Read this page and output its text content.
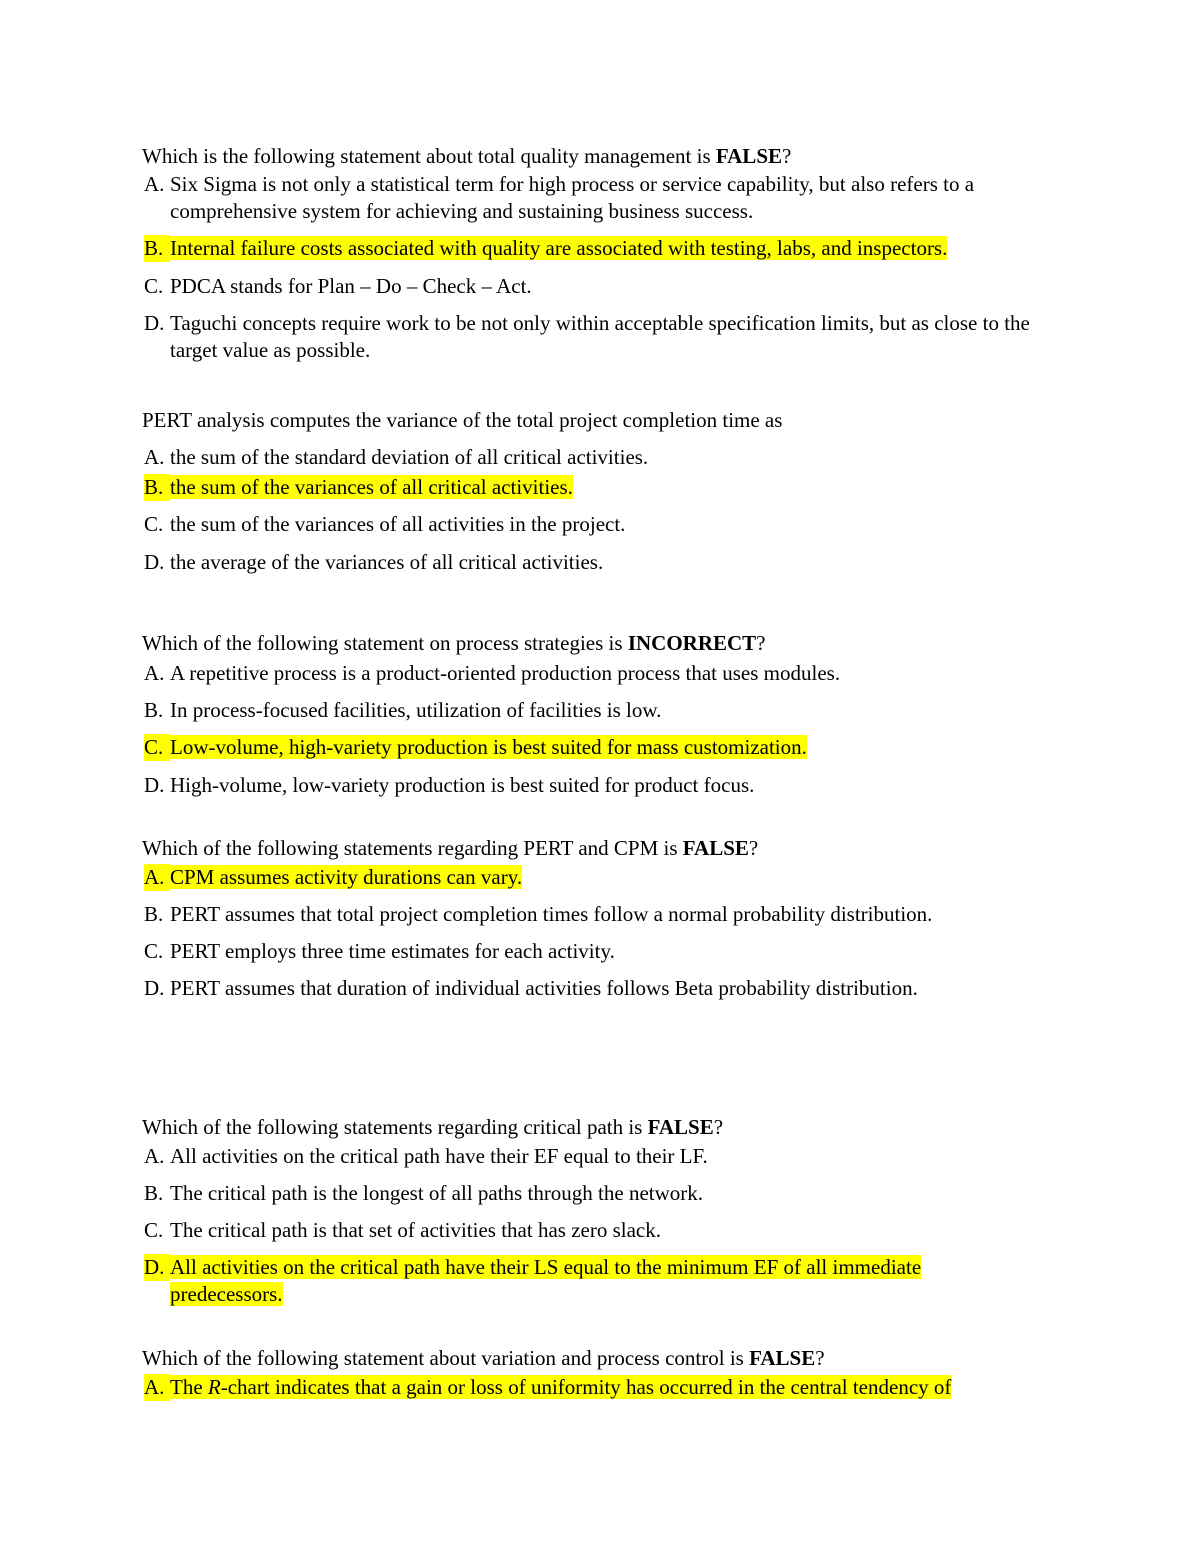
Which is the following statement about total quality management is FALSE?

A. Six Sigma is not only a statistical term for high process or service capability, but also refers to a comprehensive system for achieving and sustaining business success.
B. Internal failure costs associated with quality are associated with testing, labs, and inspectors.
C. PDCA stands for Plan – Do – Check – Act.
D. Taguchi concepts require work to be not only within acceptable specification limits, but as close to the target value as possible.

PERT analysis computes the variance of the total project completion time as

A. the sum of the standard deviation of all critical activities.
B. the sum of the variances of all critical activities.
C. the sum of the variances of all activities in the project.
D. the average of the variances of all critical activities.

Which of the following statement on process strategies is INCORRECT?

A. A repetitive process is a product-oriented production process that uses modules.
B. In process-focused facilities, utilization of facilities is low.
C. Low-volume, high-variety production is best suited for mass customization.
D. High-volume, low-variety production is best suited for product focus.

Which of the following statements regarding PERT and CPM is FALSE?

A. CPM assumes activity durations can vary.
B. PERT assumes that total project completion times follow a normal probability distribution.
C. PERT employs three time estimates for each activity.
D. PERT assumes that duration of individual activities follows Beta probability distribution.

Which of the following statements regarding critical path is FALSE?

A. All activities on the critical path have their EF equal to their LF.
B. The critical path is the longest of all paths through the network.
C. The critical path is that set of activities that has zero slack.
D. All activities on the critical path have their LS equal to the minimum EF of all immediate predecessors.

Which of the following statement about variation and process control is FALSE?

A. The R-chart indicates that a gain or loss of uniformity has occurred in the central tendency of
